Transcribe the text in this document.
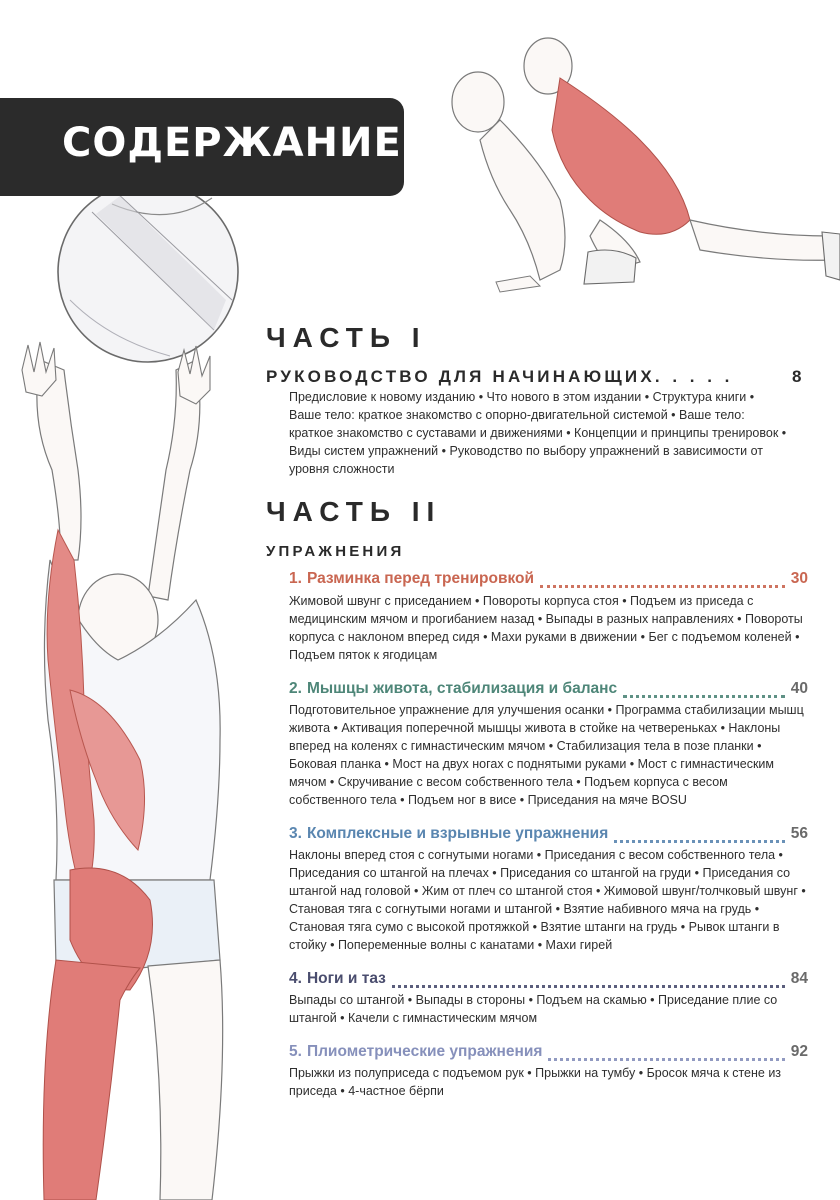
СОДЕРЖАНИЕ
ЧАСТЬ I
РУКОВОДСТВО ДЛЯ НАЧИНАЮЩИХ. . . . .	8
Предисловие к новому изданию • Что нового в этом издании • Структура книги • Ваше тело: краткое знакомство с опорно-двигательной системой • Ваше тело: краткое знакомство с суставами и движениями • Концепции и принципы тренировок • Виды систем упражнений • Руководство по выбору упражнений в зависимости от уровня сложности
ЧАСТЬ II
УПРАЖНЕНИЯ
1. Разминка перед тренировкой	30
Жимовой швунг с приседанием • Повороты корпуса стоя • Подъем из приседа с медицинским мячом и прогибанием назад • Выпады в разных направлениях • Повороты корпуса с наклоном вперед сидя • Махи руками в движении • Бег с подъемом коленей • Подъем пяток к ягодицам
2. Мышцы живота, стабилизация и баланс	40
Подготовительное упражнение для улучшения осанки • Программа стабилизации мышц живота • Активация поперечной мышцы живота в стойке на четвереньках • Наклоны вперед на коленях с гимнастическим мячом • Стабилизация тела в позе планки • Боковая планка • Мост на двух ногах с поднятыми руками • Мост с гимнастическим мячом • Скручивание с весом собственного тела • Подъем корпуса с весом собственного тела • Подъем ног в висе • Приседания на мяче BOSU
3. Комплексные и взрывные упражнения	56
Наклоны вперед стоя с согнутыми ногами • Приседания с весом собственного тела • Приседания со штангой на плечах • Приседания со штангой на груди • Приседания со штангой над головой • Жим от плеч со штангой стоя • Жимовой швунг/толчковый швунг • Становая тяга с согнутыми ногами и штангой • Взятие набивного мяча на грудь • Становая тяга сумо с высокой протяжкой • Взятие штанги на грудь • Рывок штанги в стойку • Попеременные волны с канатами • Махи гирей
4. Ноги и таз	84
Выпады со штангой • Выпады в стороны • Подъем на скамью • Приседание плие со штангой • Качели с гимнастическим мячом
5. Плиометрические упражнения	92
Прыжки из полуприседа с подъемом рук • Прыжки на тумбу • Бросок мяча к стене из приседа • 4-частное бёрпи
